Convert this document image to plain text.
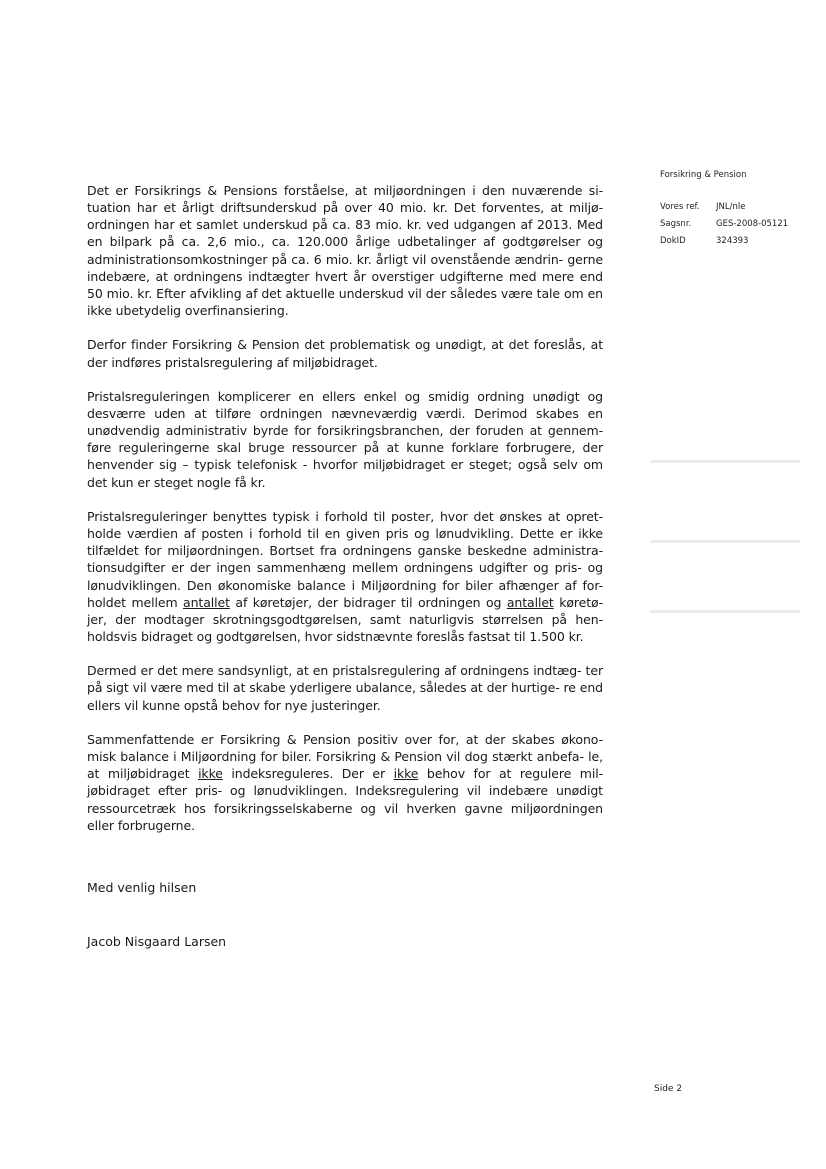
Forsikring & Pension
Vores ref.	JNL/nle
Sagsnr.	GES-2008-05121
DokID	324393

Det er Forsikrings & Pensions forståelse, at miljøordningen i den nuværende si- tuation har et årligt driftsunderskud på over 40 mio. kr. Det forventes, at miljø- ordningen har et samlet underskud på ca. 83 mio. kr. ved udgangen af 2013. Med en bilpark på ca. 2,6 mio., ca. 120.000 årlige udbetalinger af godtgørelser og administrationsomkostninger på ca. 6 mio. kr. årligt vil ovenstående ændrin- gerne indebære, at ordningens indtægter hvert år overstiger udgifterne med mere end 50 mio. kr. Efter afvikling af det aktuelle underskud vil der således være tale om en ikke ubetydelig overfinansiering.

Derfor finder Forsikring & Pension det problematisk og unødigt, at det foreslås, at der indføres pristalsregulering af miljøbidraget.

Pristalsreguleringen komplicerer en ellers enkel og smidig ordning unødigt og desværre uden at tilføre ordningen nævneværdig værdi. Derimod skabes en unødvendig administrativ byrde for forsikringsbranchen, der foruden at gennem- føre reguleringerne skal bruge ressourcer på at kunne forklare forbrugere, der henvender sig – typisk telefonisk - hvorfor miljøbidraget er steget; også selv om det kun er steget nogle få kr.

Pristalsreguleringer benyttes typisk i forhold til poster, hvor det ønskes at opret- holde værdien af posten i forhold til en given pris og lønudvikling. Dette er ikke tilfældet for miljøordningen. Bortset fra ordningens ganske beskedne administra- tionsudgifter er der ingen sammenhæng mellem ordningens udgifter og pris- og lønudviklingen. Den økonomiske balance i Miljøordning for biler afhænger af for- holdet mellem antallet af køretøjer, der bidrager til ordningen og antallet køretø- jer, der modtager skrotningsgodtgørelsen, samt naturligvis størrelsen på hen- holdsvis bidraget og godtgørelsen, hvor sidstnævnte foreslås fastsat til 1.500 kr.

Dermed er det mere sandsynligt, at en pristalsregulering af ordningens indtæg- ter på sigt vil være med til at skabe yderligere ubalance, således at der hurtige- re end ellers vil kunne opstå behov for nye justeringer.

Sammenfattende er Forsikring & Pension positiv over for, at der skabes økono- misk balance i Miljøordning for biler. Forsikring & Pension vil dog stærkt anbefa- le, at miljøbidraget ikke indeksreguleres. Der er ikke behov for at regulere mil- jøbidraget efter pris- og lønudviklingen. Indeksregulering vil indebære unødigt ressourcetræk hos forsikringsselskaberne og vil hverken gavne miljøordningen eller forbrugerne.

Med venlig hilsen
Jacob Nisgaard Larsen
Side 2
